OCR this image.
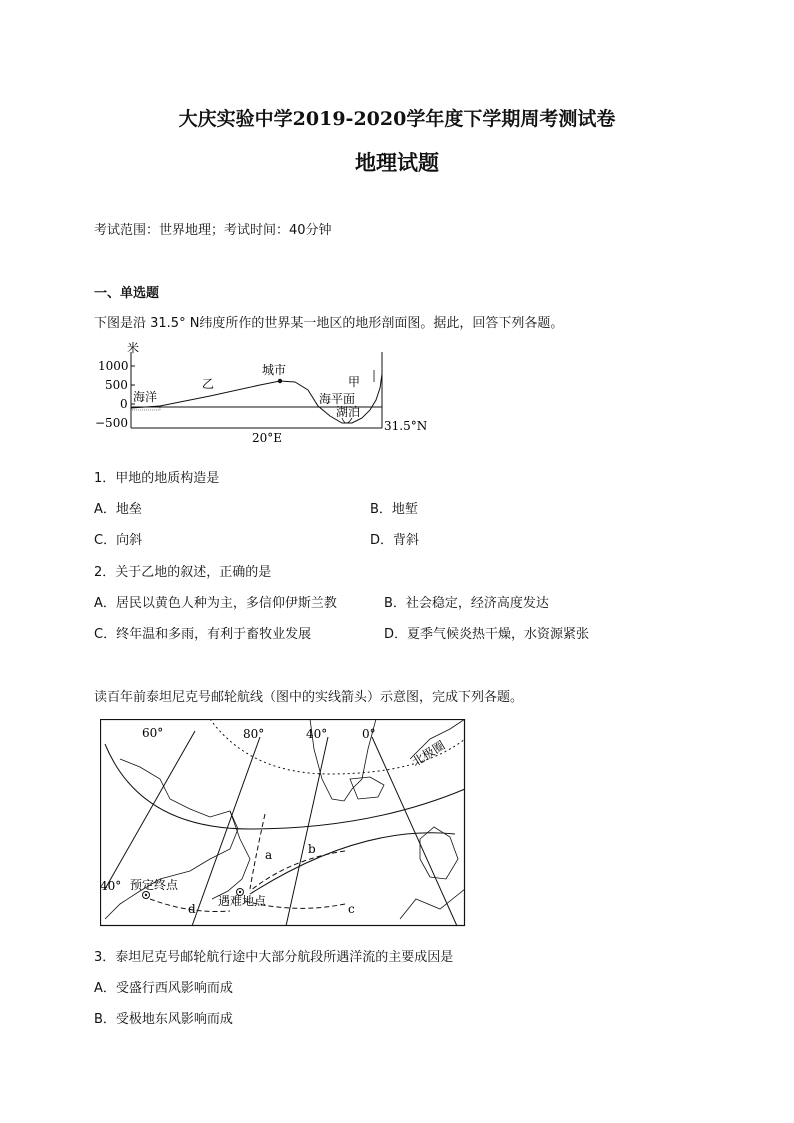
大庆实验中学2019-2020学年度下学期周考测试卷
地理试题
考试范围：世界地理；考试时间：40分钟
一、单选题
下图是沿 31.5° N纬度所作的世界某一地区的地形剖面图。据此，回答下列各题。
米
1000
500
0
−500
海洋
乙
城市
甲
海平面
湖泊
20°E
31.5°N
1．甲地的地质构造是
A．地垒	B．地堑
C．向斜	D．背斜
2．关于乙地的叙述，正确的是
A．居民以黄色人种为主，多信仰伊斯兰教	B．社会稳定，经济高度发达
C．终年温和多雨，有利于畜牧业发展	D．夏季气候炎热干燥，水资源紧张
读百年前泰坦尼克号邮轮航线（图中的实线箭头）示意图，完成下列各题。
60°	80°	40°	0°
北极圈
40° 预定终点
遇难地点
a	b
c
d
3．泰坦尼克号邮轮航行途中大部分航段所遇洋流的主要成因是
A．受盛行西风影响而成
B．受极地东风影响而成
